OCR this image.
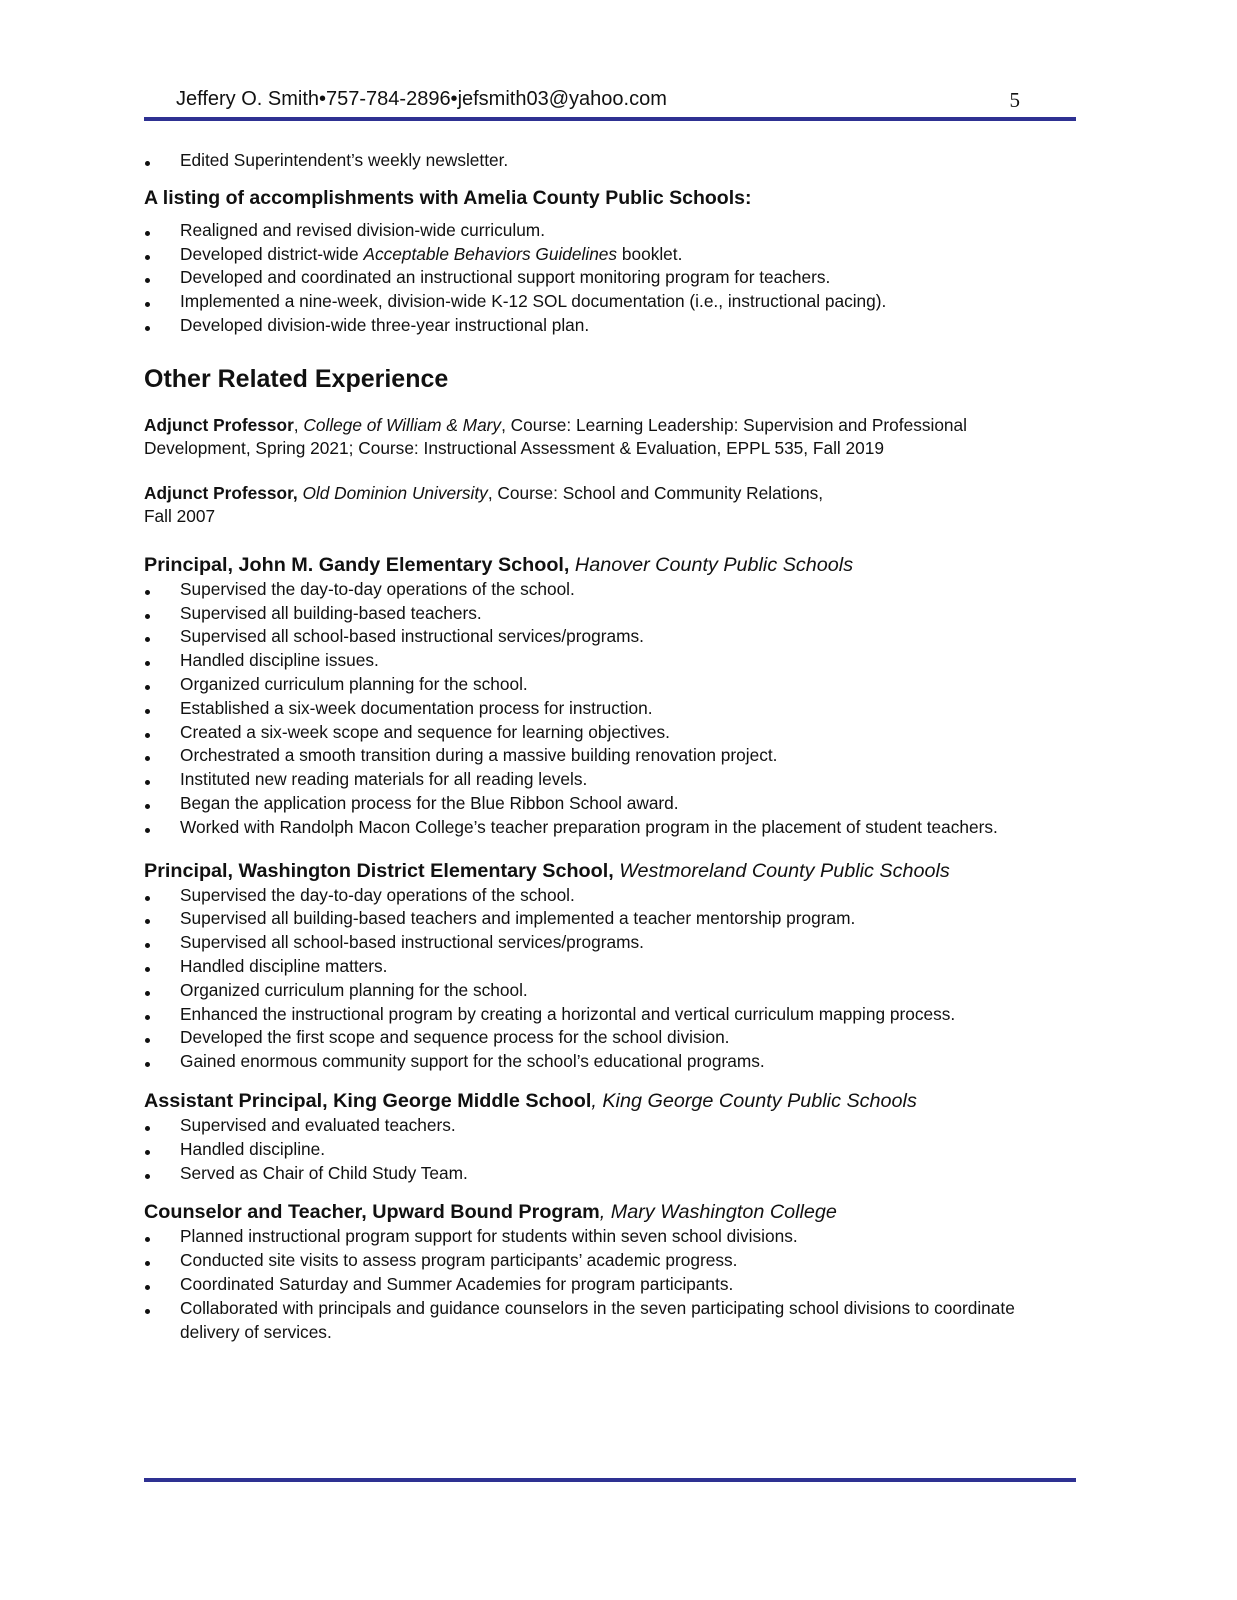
Jeffery O. Smith•757-784-2896•jefsmith03@yahoo.com	5
Edited Superintendent’s weekly newsletter.
A listing of accomplishments with Amelia County Public Schools:
Realigned and revised division-wide curriculum.
Developed district-wide Acceptable Behaviors Guidelines booklet.
Developed and coordinated an instructional support monitoring program for teachers.
Implemented a nine-week, division-wide K-12 SOL documentation (i.e., instructional pacing).
Developed division-wide three-year instructional plan.
Other Related Experience

Adjunct Professor, College of William & Mary, Course: Learning Leadership: Supervision and Professional Development, Spring 2021; Course: Instructional Assessment & Evaluation, EPPL 535, Fall 2019

Adjunct Professor, Old Dominion University, Course: School and Community Relations,
Fall 2007

Principal, John M. Gandy Elementary School, Hanover County Public Schools
Supervised the day-to-day operations of the school.
Supervised all building-based teachers.
Supervised all school-based instructional services/programs.
Handled discipline issues.
Organized curriculum planning for the school.
Established a six-week documentation process for instruction.
Created a six-week scope and sequence for learning objectives.
Orchestrated a smooth transition during a massive building renovation project.
Instituted new reading materials for all reading levels.
Began the application process for the Blue Ribbon School award.
Worked with Randolph Macon College’s teacher preparation program in the placement of student teachers.
Principal, Washington District Elementary School, Westmoreland County Public Schools
Supervised the day-to-day operations of the school.
Supervised all building-based teachers and implemented a teacher mentorship program.
Supervised all school-based instructional services/programs.
Handled discipline matters.
Organized curriculum planning for the school.
Enhanced the instructional program by creating a horizontal and vertical curriculum mapping process.
Developed the first scope and sequence process for the school division.
Gained enormous community support for the school’s educational programs.
Assistant Principal, King George Middle School, King George County Public Schools
Supervised and evaluated teachers.
Handled discipline.
Served as Chair of Child Study Team.
Counselor and Teacher, Upward Bound Program, Mary Washington College
Planned instructional program support for students within seven school divisions.
Conducted site visits to assess program participants’ academic progress.
Coordinated Saturday and Summer Academies for program participants.
Collaborated with principals and guidance counselors in the seven participating school divisions to coordinate delivery of services.
